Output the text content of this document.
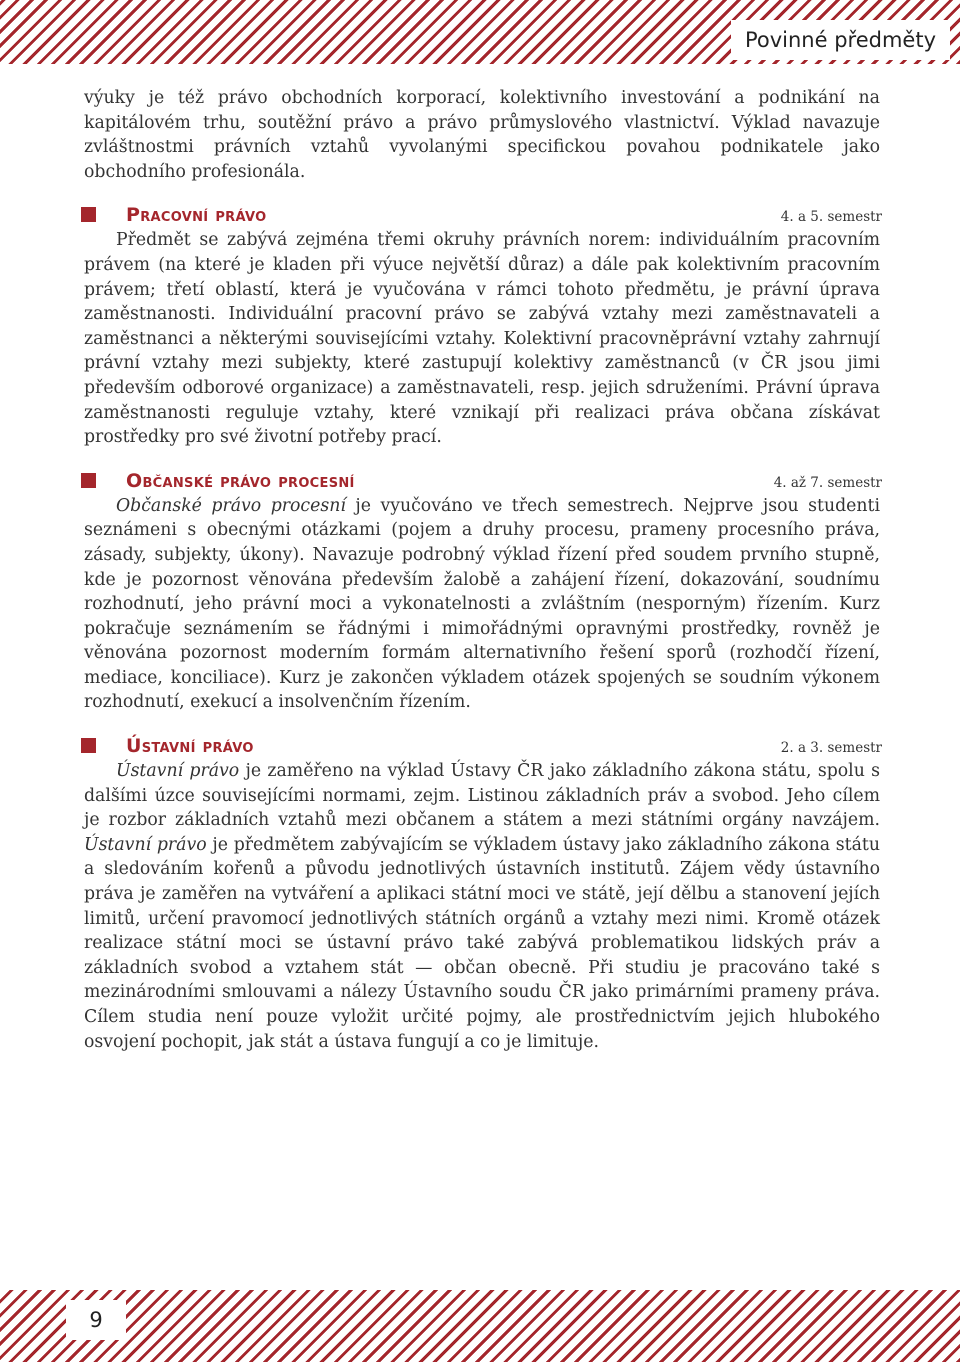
Povinné předměty

výuky je též právo obchodních korporací, kolektivního investování a podnikání na kapitálovém trhu, soutěžní právo a právo průmyslového vlastnictví. Výklad navazuje zvláštnostmi právních vztahů vyvolanými specifickou povahou podnikatele jako obchodního profesionála.

Pracovní právo	4. a 5. semestr

Předmět se zabývá zejména třemi okruhy právních norem: individuálním pracovním právem (na které je kladen při výuce největší důraz) a dále pak kolektivním pracovním právem; třetí oblastí, která je vyučována v rámci tohoto předmětu, je právní úprava zaměstnanosti. Individuální pracovní právo se zabývá vztahy mezi zaměstnavateli a zaměstnanci a některými souvisejícími vztahy. Kolektivní pracovněprávní vztahy zahrnují právní vztahy mezi subjekty, které zastupují kolektivy zaměstnanců (v ČR jsou jimi především odborové organizace) a zaměstnavateli, resp. jejich sdruženími. Právní úprava zaměstnanosti reguluje vztahy, které vznikají při realizaci práva občana získávat prostředky pro své životní potřeby prací.

Občanské právo procesní	4. až 7. semestr

Občanské právo procesní je vyučováno ve třech semestrech. Nejprve jsou studenti seznámeni s obecnými otázkami (pojem a druhy procesu, prameny procesního práva, zásady, subjekty, úkony). Navazuje podrobný výklad řízení před soudem prvního stupně, kde je pozornost věnována především žalobě a zahájení řízení, dokazování, soudnímu rozhodnutí, jeho právní moci a vykonatelnosti a zvláštním (nesporným) řízením. Kurz pokračuje seznámením se řádnými i mimořádnými opravnými prostředky, rovněž je věnována pozornost moderním formám alternativního řešení sporů (rozhodčí řízení, mediace, konciliace). Kurz je zakončen výkladem otázek spojených se soudním výkonem rozhodnutí, exekucí a insolvenčním řízením.

Ústavní právo	2. a 3. semestr

Ústavní právo je zaměřeno na výklad Ústavy ČR jako základního zákona státu, spolu s dalšími úzce souvisejícími normami, zejm. Listinou základních práv a svobod. Jeho cílem je rozbor základních vztahů mezi občanem a státem a mezi státními orgány navzájem. Ústavní právo je předmětem zabývajícím se výkladem ústavy jako základního zákona státu a sledováním kořenů a původu jednotlivých ústavních institutů. Zájem vědy ústavního práva je zaměřen na vytváření a aplikaci státní moci ve státě, její dělbu a stanovení jejích limitů, určení pravomocí jednotlivých státních orgánů a vztahy mezi nimi. Kromě otázek realizace státní moci se ústavní právo také zabývá problematikou lidských práv a základních svobod a vztahem stát — občan obecně. Při studiu je pracováno také s mezinárodními smlouvami a nálezy Ústavního soudu ČR jako primárními prameny práva. Cílem studia není pouze vyložit určité pojmy, ale prostřednictvím jejich hlubokého osvojení pochopit, jak stát a ústava fungují a co je limituje.

9
